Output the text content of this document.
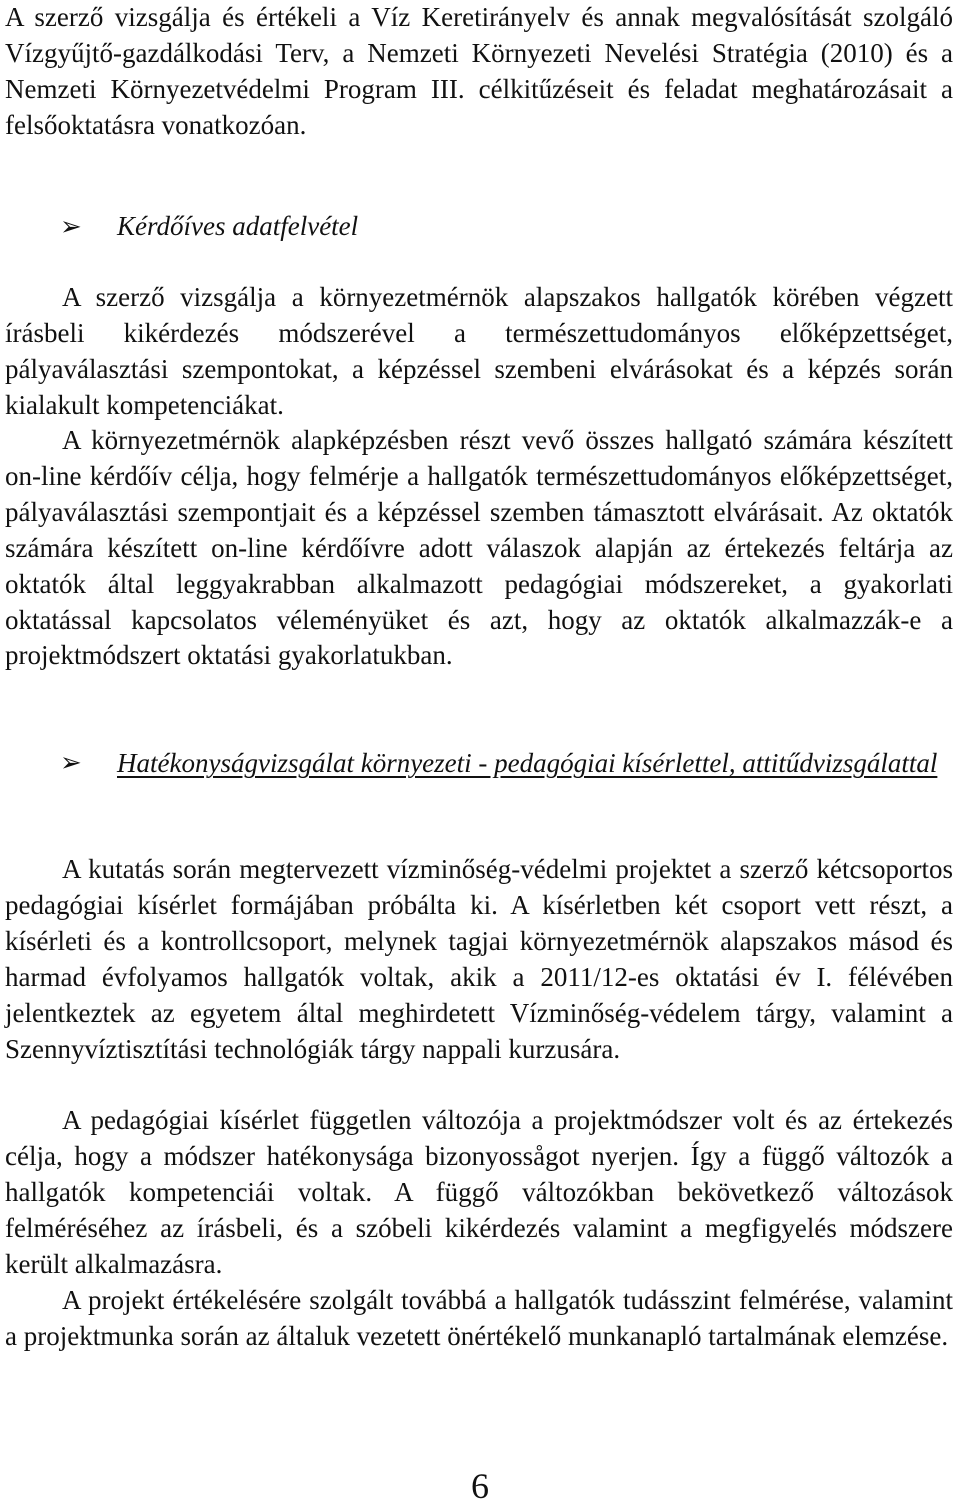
A szerző vizsgálja és értékeli a Víz Keretirányelv és annak megvalósítását szolgáló Vízgyűjtő-gazdálkodási Terv, a Nemzeti Környezeti Nevelési Stratégia (2010) és a Nemzeti Környezetvédelmi Program III. célkitűzéseit és feladat meghatározásait a felsőoktatásra vonatkozóan.

➢ Kérdőíves adatfelvétel

A szerző vizsgálja a környezetmérnök alapszakos hallgatók körében végzett írásbeli kikérdezés módszerével a természettudományos előképzettséget, pályaválasztási szempontokat, a képzéssel szembeni elvárásokat és a képzés során kialakult kompetenciákat.

A környezetmérnök alapképzésben részt vevő összes hallgató számára készített on-line kérdőív célja, hogy felmérje a hallgatók természettudományos előképzettséget, pályaválasztási szempontjait és a képzéssel szemben támasztott elvárásait. Az oktatók számára készített on-line kérdőívre adott válaszok alapján az értekezés feltárja az oktatók által leggyakrabban alkalmazott pedagógiai módszereket, a gyakorlati oktatással kapcsolatos véleményüket és azt, hogy az oktatók alkalmazzák-e a projektmódszert oktatási gyakorlatukban.

➢ Hatékonyságvizsgálat környezeti - pedagógiai kísérlettel, attitűdvizsgálattal

A kutatás során megtervezett vízminőség-védelmi projektet a szerző kétcsoportos pedagógiai kísérlet formájában próbálta ki. A kísérletben két csoport vett részt, a kísérleti és a kontrollcsoport, melynek tagjai környezetmérnök alapszakos másod és harmad évfolyamos hallgatók voltak, akik a 2011/12-es oktatási év I. félévében jelentkeztek az egyetem által meghirdetett Vízminőség-védelem tárgy, valamint a Szennyvíztisztítási technológiák tárgy nappali kurzusára.

A pedagógiai kísérlet független változója a projektmódszer volt és az értekezés célja, hogy a módszer hatékonysága bizonyossågot nyerjen. Így a függő változók a hallgatók kompetenciái voltak. A függő változókban bekövetkező változások felméréséhez az írásbeli, és a szóbeli kikérdezés valamint a megfigyelés módszere került alkalmazásra.

A projekt értékelésére szolgált továbbá a hallgatók tudásszint felmérése, valamint a projektmunka során az általuk vezetett önértékelő munkanapló tartalmának elemzése.

6
